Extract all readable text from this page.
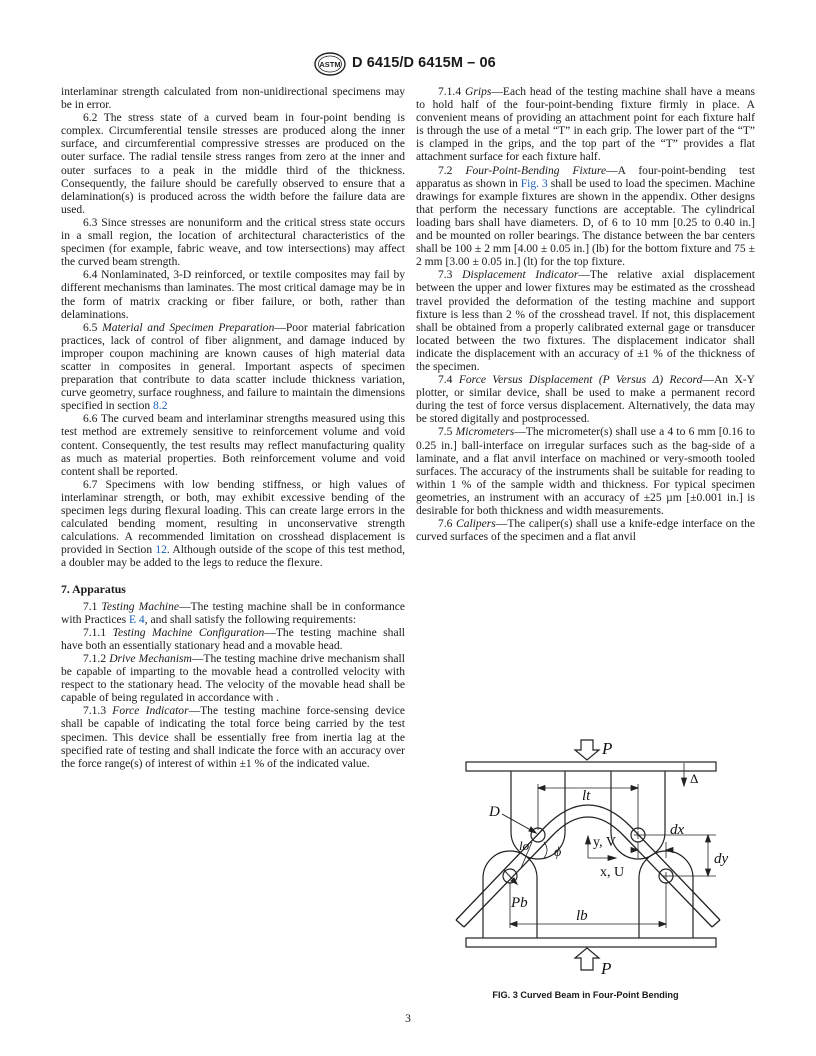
ASTM D 6415/D 6415M – 06

interlaminar strength calculated from non-unidirectional specimens may be in error.

6.2 The stress state of a curved beam in four-point bending is complex. Circumferential tensile stresses are produced along the inner surface, and circumferential compressive stresses are produced on the outer surface. The radial tensile stress ranges from zero at the inner and outer surfaces to a peak in the middle third of the thickness. Consequently, the failure should be carefully observed to ensure that a delamination(s) is produced across the width before the failure data are used.

6.3 Since stresses are nonuniform and the critical stress state occurs in a small region, the location of architectural characteristics of the specimen (for example, fabric weave, and tow intersections) may affect the curved beam strength.

6.4 Nonlaminated, 3-D reinforced, or textile composites may fail by different mechanisms than laminates. The most critical damage may be in the form of matrix cracking or fiber failure, or both, rather than delaminations.

6.5 Material and Specimen Preparation—Poor material fabrication practices, lack of control of fiber alignment, and damage induced by improper coupon machining are known causes of high material data scatter in composites in general. Important aspects of specimen preparation that contribute to data scatter include thickness variation, curve geometry, surface roughness, and failure to maintain the dimensions specified in section 8.2

6.6 The curved beam and interlaminar strengths measured using this test method are extremely sensitive to reinforcement volume and void content. Consequently, the test results may reflect manufacturing quality as much as material properties. Both reinforcement volume and void content shall be reported.

6.7 Specimens with low bending stiffness, or high values of interlaminar strength, or both, may exhibit excessive bending of the specimen legs during flexural loading. This can create large errors in the calculated bending moment, resulting in unconservative strength calculations. A recommended limitation on crosshead displacement is provided in Section 12. Although outside of the scope of this test method, a doubler may be added to the legs to reduce the flexure.

7. Apparatus

7.1 Testing Machine—The testing machine shall be in conformance with Practices E 4, and shall satisfy the following requirements:

7.1.1 Testing Machine Configuration—The testing machine shall have both an essentially stationary head and a movable head.

7.1.2 Drive Mechanism—The testing machine drive mechanism shall be capable of imparting to the movable head a controlled velocity with respect to the stationary head. The velocity of the movable head shall be capable of being regulated in accordance with .

7.1.3 Force Indicator—The testing machine force-sensing device shall be capable of indicating the total force being carried by the test specimen. This device shall be essentially free from inertia lag at the specified rate of testing and shall indicate the force with an accuracy over the force range(s) of interest of within ±1 % of the indicated value.

7.1.4 Grips—Each head of the testing machine shall have a means to hold half of the four-point-bending fixture firmly in place. A convenient means of providing an attachment point for each fixture half is through the use of a metal “T” in each grip. The lower part of the “T” is clamped in the grips, and the top part of the “T” provides a flat attachment surface for each fixture half.

7.2 Four-Point-Bending Fixture—A four-point-bending test apparatus as shown in Fig. 3 shall be used to load the specimen. Machine drawings for example fixtures are shown in the appendix. Other designs that perform the necessary functions are acceptable. The cylindrical loading bars shall have diameters. D, of 6 to 10 mm [0.25 to 0.40 in.] and be mounted on roller bearings. The distance between the bar centers shall be 100 ± 2 mm [4.00 ± 0.05 in.] (lb) for the bottom fixture and 75 ± 2 mm [3.00 ± 0.05 in.] (lt) for the top fixture.

7.3 Displacement Indicator—The relative axial displacement between the upper and lower fixtures may be estimated as the crosshead travel provided the deformation of the testing machine and support fixture is less than 2 % of the crosshead travel. If not, this displacement shall be obtained from a properly calibrated external gage or transducer located between the two fixtures. The displacement indicator shall indicate the displacement with an accuracy of ±1 % of the thickness of the specimen.

7.4 Force Versus Displacement (P Versus Δ) Record—An X-Y plotter, or similar device, shall be used to make a permanent record during the test of force versus displacement. Alternatively, the data may be stored digitally and postprocessed.

7.5 Micrometers—The micrometer(s) shall use a 4 to 6 mm [0.16 to 0.25 in.] ball-interface on irregular surfaces such as the bag-side of a laminate, and a flat anvil interface on machined or very-smooth tooled surfaces. The accuracy of the instruments shall be suitable for reading to within 1 % of the sample width and thickness. For typical specimen geometries, an instrument with an accuracy of ±25 µm [±0.001 in.] is desirable for both thickness and width measurements.

7.6 Calipers—The caliper(s) shall use a knife-edge interface on the curved surfaces of the specimen and a flat anvil

P
P
Δ
lt
lb
D
lo ϕ
y, V
x, U
dx
dy
Pb
FIG. 3 Curved Beam in Four-Point Bending
3
